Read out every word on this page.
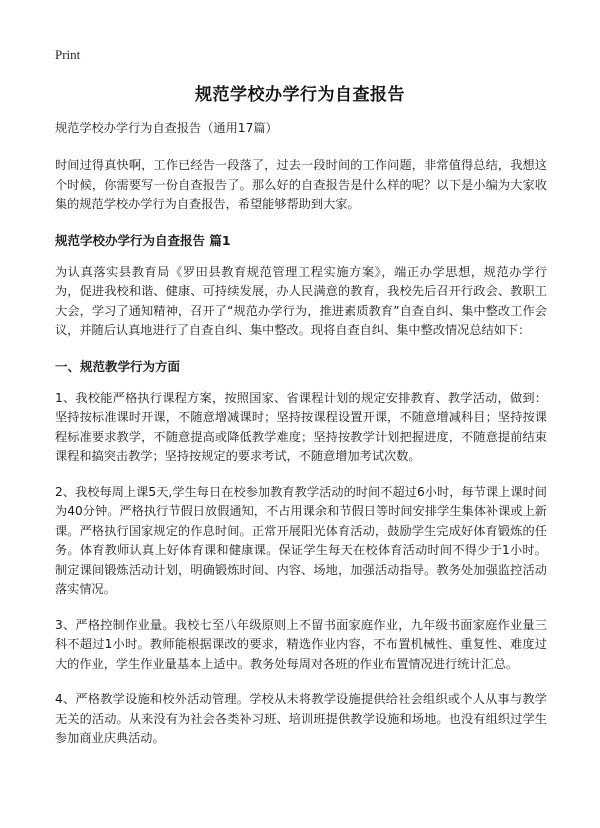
Print
规范学校办学行为自查报告
规范学校办学行为自查报告（通用17篇）

时间过得真快啊，工作已经告一段落了，过去一段时间的工作问题，非常值得总结，我想这个时候，你需要写一份自查报告了。那么好的自查报告是什么样的呢？以下是小编为大家收集的规范学校办学行为自查报告，希望能够帮助到大家。

规范学校办学行为自查报告 篇1

为认真落实县教育局《罗田县教育规范管理工程实施方案》，端正办学思想，规范办学行为，促进我校和谐、健康、可持续发展，办人民满意的教育，我校先后召开行政会、教职工大会，学习了通知精神，召开了“规范办学行为，推进素质教育”自查自纠、集中整改工作会议，并随后认真地进行了自查自纠、集中整改。现将自查自纠、集中整改情况总结如下：

一、规范教学行为方面

1、我校能严格执行课程方案，按照国家、省课程计划的规定安排教育、教学活动，做到：坚持按标准课时开课，不随意增减课时；坚持按课程设置开课，不随意增减科目；坚持按课程标准要求教学，不随意提高或降低教学难度；坚持按教学计划把握进度，不随意提前结束课程和搞突击教学；坚持按规定的要求考试，不随意增加考试次数。

2、我校每周上课5天,学生每日在校参加教育教学活动的时间不超过6小时，每节课上课时间为40分钟。严格执行节假日放假通知，不占用课余和节假日等时间安排学生集体补课或上新课。严格执行国家规定的作息时间。正常开展阳光体育活动，鼓励学生完成好体育锻炼的任务。体育教师认真上好体育课和健康课。保证学生每天在校体育活动时间不得少于1小时。制定课间锻炼活动计划，明确锻炼时间、内容、场地，加强活动指导。教务处加强监控活动落实情况。

3、严格控制作业量。我校七至八年级原则上不留书面家庭作业，九年级书面家庭作业量三科不超过1小时。教师能根据课改的要求，精选作业内容，不布置机械性、重复性、难度过大的作业，学生作业量基本上适中。教务处每周对各班的作业布置情况进行统计汇总。

4、严格教学设施和校外活动管理。学校从未将教学设施提供给社会组织或个人从事与教学无关的活动。从来没有为社会各类补习班、培训班提供教学设施和场地。也没有组织过学生参加商业庆典活动。
